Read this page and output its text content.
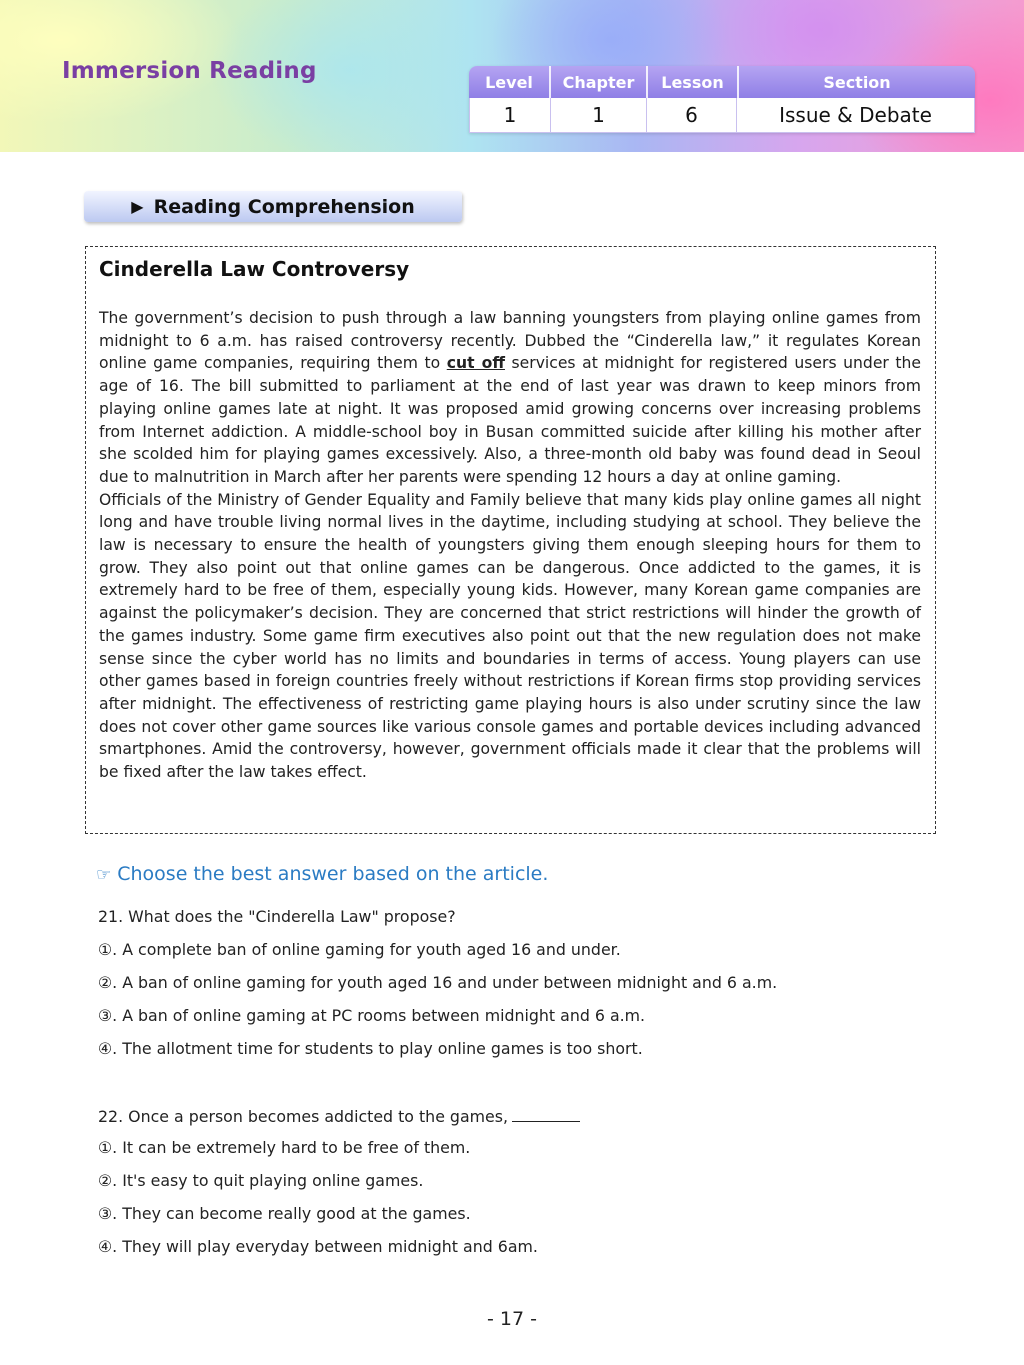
Immersion Reading	Level	Chapter	Lesson	Section
1	1	6	Issue & Debate
▶ Reading Comprehension
Cinderella Law Controversy

The government’s decision to push through a law banning youngsters from playing online games from midnight to 6 a.m. has raised controversy recently. Dubbed the “Cinderella law,” it regulates Korean online game companies, requiring them to cut off services at midnight for registered users under the age of 16. The bill submitted to parliament at the end of last year was drawn to keep minors from playing online games late at night. It was proposed amid growing concerns over increasing problems from Internet addiction. A middle-school boy in Busan committed suicide after killing his mother after she scolded him for playing games excessively. Also, a three-month old baby was found dead in Seoul due to malnutrition in March after her parents were spending 12 hours a day at online gaming.

Officials of the Ministry of Gender Equality and Family believe that many kids play online games all night long and have trouble living normal lives in the daytime, including studying at school. They believe the law is necessary to ensure the health of youngsters giving them enough sleeping hours for them to grow. They also point out that online games can be dangerous. Once addicted to the games, it is extremely hard to be free of them, especially young kids. However, many Korean game companies are against the policymaker’s decision. They are concerned that strict restrictions will hinder the growth of the games industry. Some game firm executives also point out that the new regulation does not make sense since the cyber world has no limits and boundaries in terms of access. Young players can use other games based in foreign countries freely without restrictions if Korean firms stop providing services after midnight. The effectiveness of restricting game playing hours is also under scrutiny since the law does not cover other game sources like various console games and portable devices including advanced smartphones. Amid the controversy, however, government officials made it clear that the problems will be fixed after the law takes effect.

☞ Choose the best answer based on the article.
21. What does the "Cinderella Law" propose?
①. A complete ban of online gaming for youth aged 16 and under.
②. A ban of online gaming for youth aged 16 and under between midnight and 6 a.m.
③. A ban of online gaming at PC rooms between midnight and 6 a.m.
④. The allotment time for students to play online games is too short.
22. Once a person becomes addicted to the games,
①. It can be extremely hard to be free of them.
②. It's easy to quit playing online games.
③. They can become really good at the games.
④. They will play everyday between midnight and 6am.
- 17 -
